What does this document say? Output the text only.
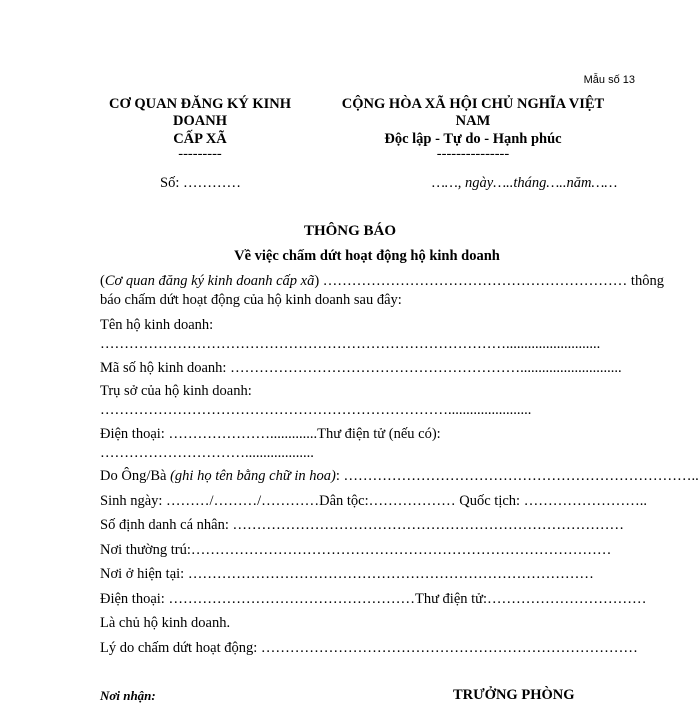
Mẫu số 13
CƠ QUAN ĐĂNG KÝ KINH
DOANH
CẤP XÃ
---------
CỘNG HÒA XÃ HỘI CHỦ NGHĨA VIỆT
NAM
Độc lập - Tự do - Hạnh phúc
---------------
Số: …………	……, ngày…..tháng…..năm……
THÔNG BÁO
Về việc chấm dứt hoạt động hộ kinh doanh
(Cơ quan đăng ký kinh doanh cấp xã) ……………………………………………………… thông
báo chấm dứt hoạt động của hộ kinh doanh sau đây:
Tên hộ kinh doanh:
…………………………………………………………………………..........................
Mã số hộ kinh doanh: ……………………………………………………............................
Trụ sở của hộ kinh doanh:
……………………………………………………………….......................
Điện thoại: ………………….............Thư điện tử (nếu có):
…………………………...................
Do Ông/Bà (ghi họ tên bằng chữ in hoa): ………………………………………………………………..
Sinh ngày: ………/………/…………Dân tộc:……………… Quốc tịch: ……………………..
Số định danh cá nhân: ………………………………………………………………………
Nơi thường trú:……………………………………………………………………………
Nơi ở hiện tại: …………………………………………………………………………
Điện thoại: ……………………………………………Thư điện tử:……………………………
Là chủ hộ kinh doanh.
Lý do chấm dứt hoạt động: ……………………………………………………………………
Nơi nhận:	TRƯỞNG PHÒNG
